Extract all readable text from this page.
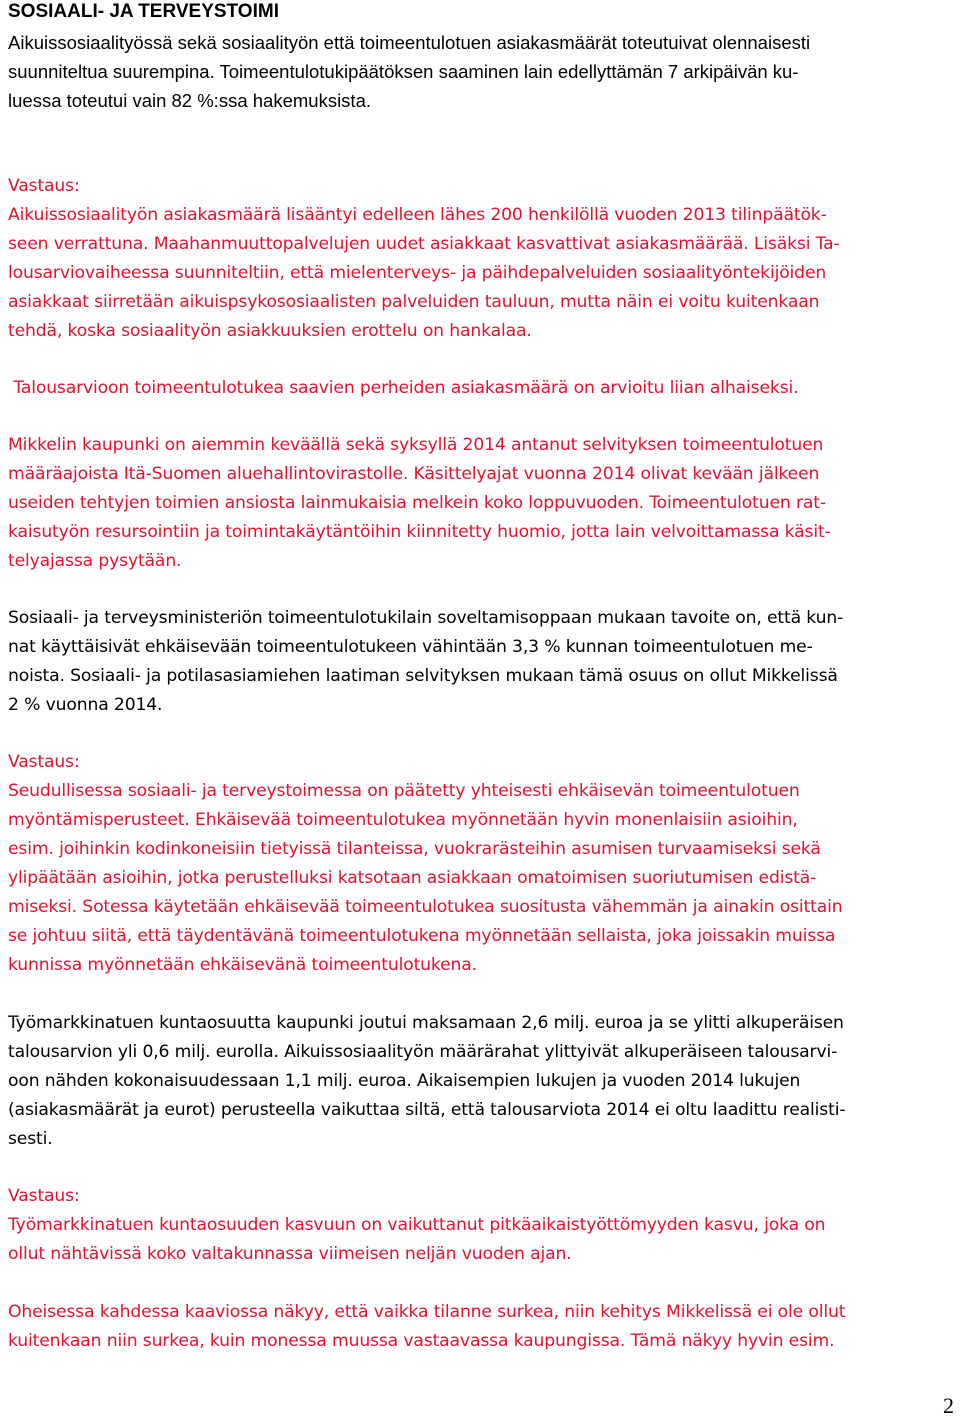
SOSIAALI- JA TERVEYSTOIMI

Aikuissosiaalityössä sekä sosiaalityön että toimeentulotuen asiakasmäärät toteutuivat olennaisesti
suunniteltua suurempina. Toimeentulotukipäätöksen saaminen lain edellyttämän 7 arkipäivän ku-
luessa toteutui vain 82 %:ssa hakemuksista.

Vastaus:
Aikuissosiaalityön asiakasmäärä lisääntyi edelleen lähes 200 henkilöllä vuoden 2013 tilinpäätök-
seen verrattuna. Maahanmuuttopalvelujen uudet asiakkaat kasvattivat asiakasmäärää. Lisäksi Ta-
lousarviovaiheessa suunniteltiin, että mielenterveys- ja päihdepalveluiden sosiaalityöntekijöiden
asiakkaat siirretään aikuispsykososiaalisten palveluiden tauluun, mutta näin ei voitu kuitenkaan
tehdä, koska sosiaalityön asiakkuuksien erottelu on hankalaa.

Talousarvioon toimeentulotukea saavien perheiden asiakasmäärä on arvioitu liian alhaiseksi.

Mikkelin kaupunki on aiemmin keväällä sekä syksyllä 2014 antanut selvityksen toimeentulotuen
määräajoista Itä-Suomen aluehallintovirastolle. Käsittelyajat vuonna 2014 olivat kevään jälkeen
useiden tehtyjen toimien ansiosta lainmukaisia melkein koko loppuvuoden. Toimeentulotuen rat-
kaisutyön resursointiin ja toimintakäytäntöihin kiinnitetty huomio, jotta lain velvoittamassa käsit-
telyajassa pysytään.

Sosiaali- ja terveysministeriön toimeentulotukilain soveltamisoppaan mukaan tavoite on, että kun-
nat käyttäisivät ehkäisevään toimeentulotukeen vähintään 3,3 % kunnan toimeentulotuen me-
noista. Sosiaali- ja potilasasiamiehen laatiman selvityksen mukaan tämä osuus on ollut Mikkelissä
2 % vuonna 2014.

Vastaus:
Seudullisessa sosiaali- ja terveystoimessa on päätetty yhteisesti ehkäisevän toimeentulotuen
myöntämisperusteet. Ehkäisevää toimeentulotukea myönnetään hyvin monenlaisiin asioihin,
esim. joihinkin kodinkoneisiin tietyissä tilanteissa, vuokrarästeihin asumisen turvaamiseksi sekä
ylipäätään asioihin, jotka perustelluksi katsotaan asiakkaan omatoimisen suoriutumisen edistä-
miseksi. Sotessa käytetään ehkäisevää toimeentulotukea suositusta vähemmän ja ainakin osittain
se johtuu siitä, että täydentävänä toimeentulotukena myönnetään sellaista, joka joissakin muissa
kunnissa myönnetään ehkäisevänä toimeentulotukena.

Työmarkkinatuen kuntaosuutta kaupunki joutui maksamaan 2,6 milj. euroa ja se ylitti alkuperäisen
talousarvion yli 0,6 milj. eurolla. Aikuissosiaalityön määrärahat ylittyivät alkuperäiseen talousarvi-
oon nähden kokonaisuudessaan 1,1 milj. euroa. Aikaisempien lukujen ja vuoden 2014 lukujen
(asiakasmäärät ja eurot) perusteella vaikuttaa siltä, että talousarviota 2014 ei oltu laadittu realisti-
sesti.

Vastaus:
Työmarkkinatuen kuntaosuuden kasvuun on vaikuttanut pitkäaikaistyöttömyyden kasvu, joka on
ollut nähtävissä koko valtakunnassa viimeisen neljän vuoden ajan.

Oheisessa kahdessa kaaviossa näkyy, että vaikka tilanne surkea, niin kehitys Mikkelissä ei ole ollut
kuitenkaan niin surkea, kuin monessa muussa vastaavassa kaupungissa. Tämä näkyy hyvin esim.

2
